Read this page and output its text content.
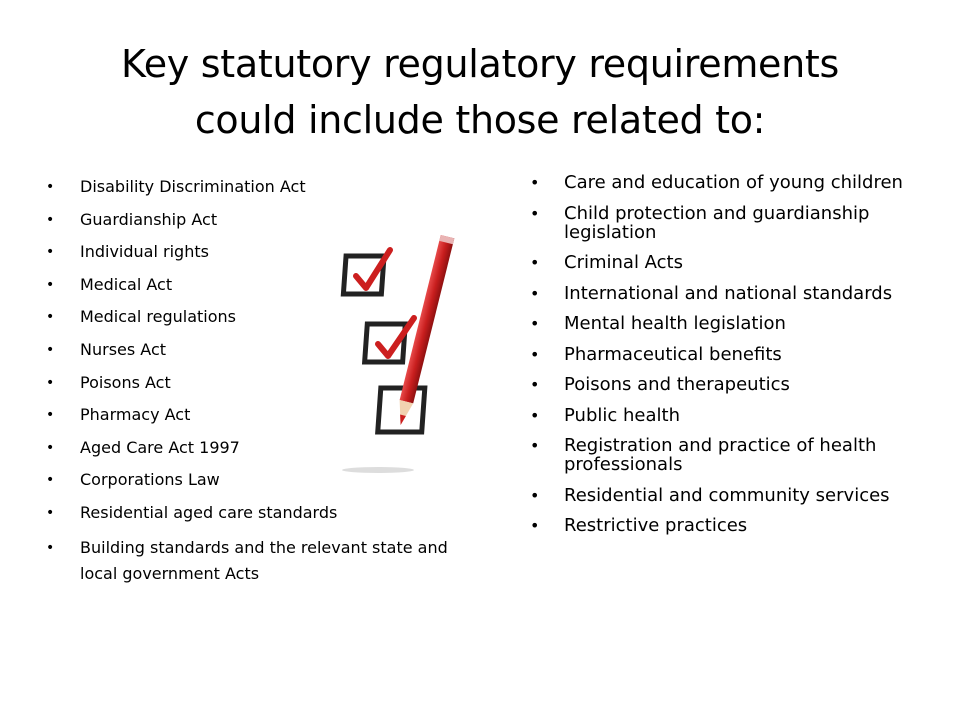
Key statutory regulatory requirements
could include those related to:
• Disability Discrimination Act
• Guardianship Act
• Individual rights
• Medical Act
• Medical regulations
• Nurses Act
• Poisons Act
• Pharmacy Act
• Aged Care Act 1997
• Corporations Law
• Residential aged care standards
• Building standards and the relevant state and local government Acts
• Care and education of young children
• Child protection and guardianship legislation
• Criminal Acts
• International and national standards
• Mental health legislation
• Pharmaceutical benefits
• Poisons and therapeutics
• Public health
• Registration and practice of health professionals
• Residential and community services
• Restrictive practices
